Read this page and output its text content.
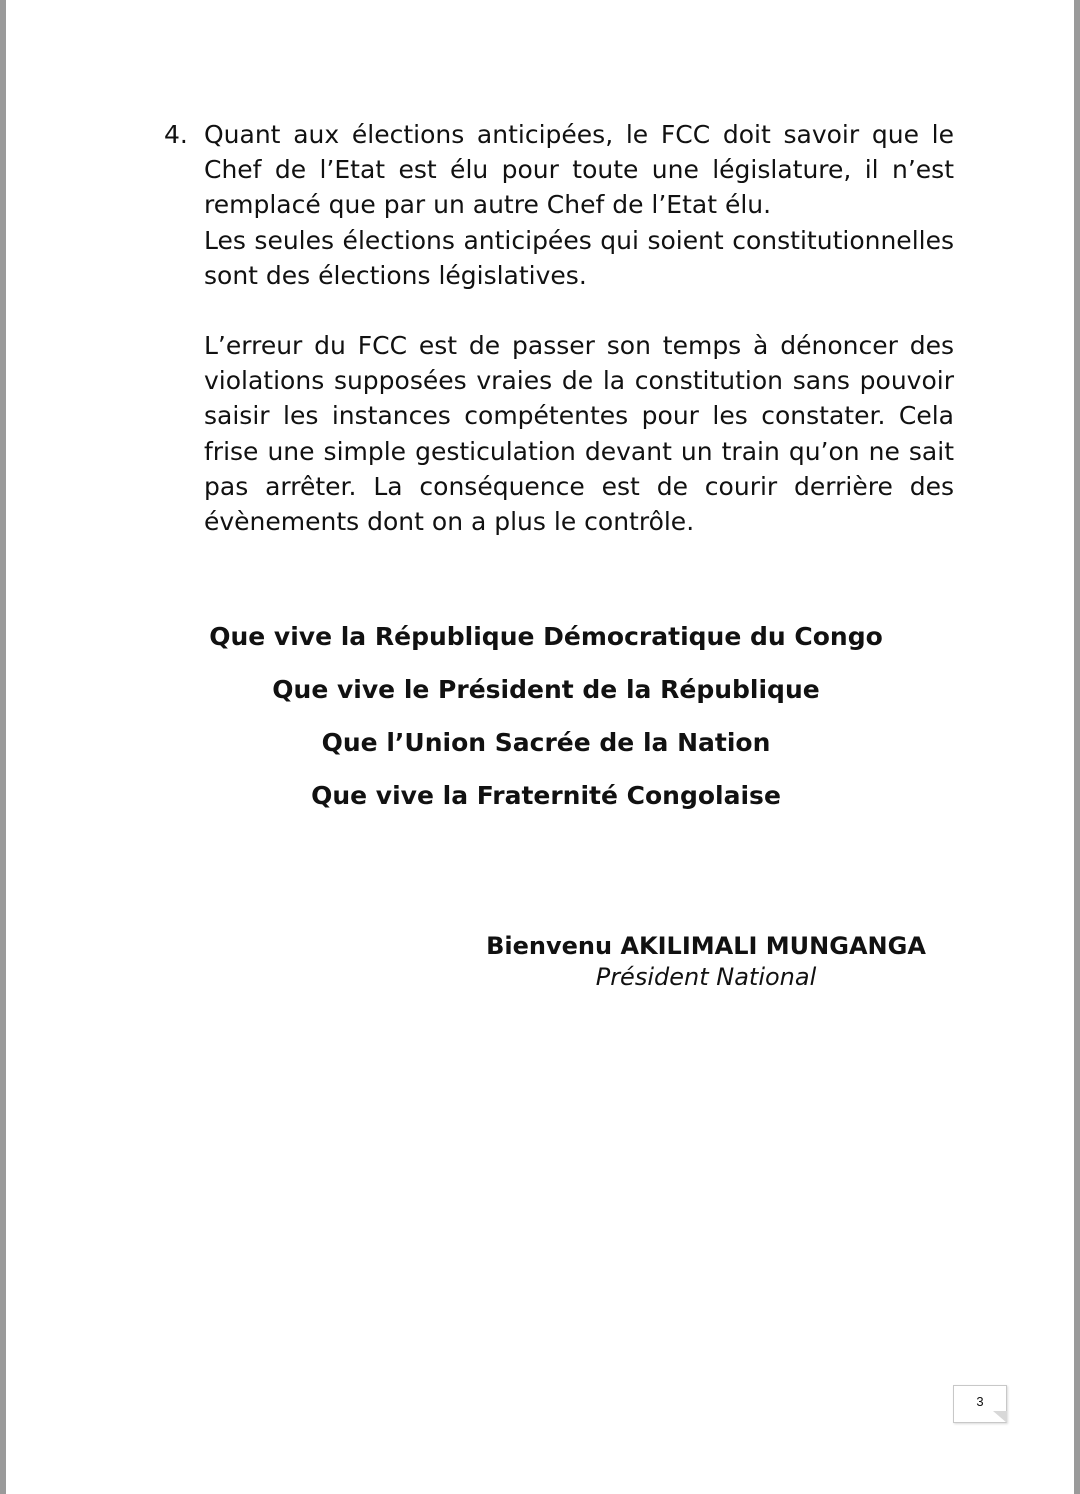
4. Quant aux élections anticipées, le FCC doit savoir que le Chef de l’Etat est élu pour toute une législature, il n’est remplacé que par un autre Chef de l’Etat élu.

Les seules élections anticipées qui soient constitutionnelles sont des élections législatives.

L’erreur du FCC est de passer son temps à dénoncer des violations supposées vraies de la constitution sans pouvoir saisir les instances compétentes pour les constater. Cela frise une simple gesticulation devant un train qu’on ne sait pas arrêter. La conséquence est de courir derrière des évènements dont on a plus le contrôle.

Que vive la République Démocratique du Congo

Que vive le Président de la République

Que l’Union Sacrée de la Nation

Que vive la Fraternité Congolaise

Bienvenu AKILIMALI MUNGANGA

Président National

3
